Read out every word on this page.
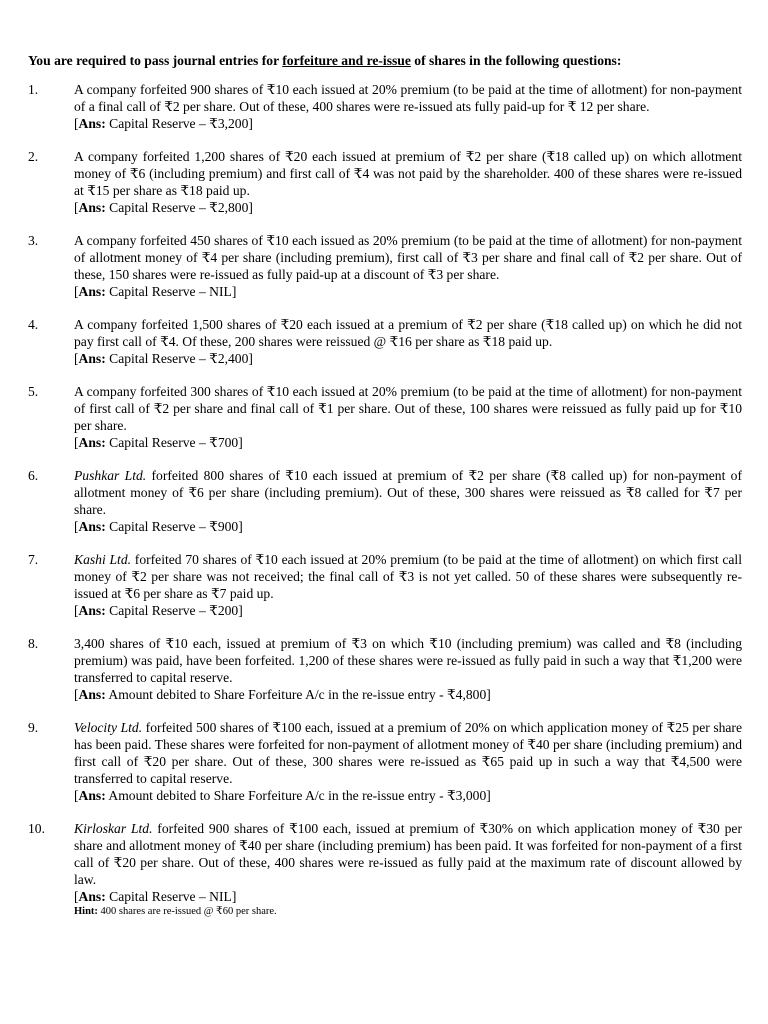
You are required to pass journal entries for forfeiture and re-issue of shares in the following questions:

1.	A company forfeited 900 shares of ₹10 each issued at 20% premium (to be paid at the time of allotment) for non-payment of a final call of ₹2 per share. Out of these, 400 shares were re-issued ats fully paid-up for ₹ 12 per share.

[Ans: Capital Reserve – ₹3,200]

2.	A company forfeited 1,200 shares of ₹20 each issued at premium of ₹2 per share (₹18 called up) on which allotment money of ₹6 (including premium) and first call of ₹4 was not paid by the shareholder. 400 of these shares were re-issued at ₹15 per share as ₹18 paid up.

[Ans: Capital Reserve – ₹2,800]

3.	A company forfeited 450 shares of ₹10 each issued as 20% premium (to be paid at the time of allotment) for non-payment of allotment money of ₹4 per share (including premium), first call of ₹3 per share and final call of ₹2 per share. Out of these, 150 shares were re-issued as fully paid-up at a discount of ₹3 per share.

[Ans: Capital Reserve – NIL]

4.	A company forfeited 1,500 shares of ₹20 each issued at a premium of ₹2 per share (₹18 called up) on which he did not pay first call of ₹4. Of these, 200 shares were reissued @ ₹16 per share as ₹18 paid up.

[Ans: Capital Reserve – ₹2,400]

5.	A company forfeited 300 shares of ₹10 each issued at 20% premium (to be paid at the time of allotment) for non-payment of first call of ₹2 per share and final call of ₹1 per share. Out of these, 100 shares were reissued as fully paid up for ₹10 per share.

[Ans: Capital Reserve – ₹700]

6.	Pushkar Ltd. forfeited 800 shares of ₹10 each issued at premium of ₹2 per share (₹8 called up) for non-payment of allotment money of ₹6 per share (including premium). Out of these, 300 shares were reissued as ₹8 called for ₹7 per share.

[Ans: Capital Reserve – ₹900]

7.	Kashi Ltd. forfeited 70 shares of ₹10 each issued at 20% premium (to be paid at the time of allotment) on which first call money of ₹2 per share was not received; the final call of ₹3 is not yet called. 50 of these shares were subsequently re-issued at ₹6 per share as ₹7 paid up.

[Ans: Capital Reserve – ₹200]

8.	3,400 shares of ₹10 each, issued at premium of ₹3 on which ₹10 (including premium) was called and ₹8 (including premium) was paid, have been forfeited. 1,200 of these shares were re-issued as fully paid in such a way that ₹1,200 were transferred to capital reserve.

[Ans: Amount debited to Share Forfeiture A/c in the re-issue entry - ₹4,800]

9.	Velocity Ltd. forfeited 500 shares of ₹100 each, issued at a premium of 20% on which application money of ₹25 per share has been paid. These shares were forfeited for non-payment of allotment money of ₹40 per share (including premium) and first call of ₹20 per share. Out of these, 300 shares were re-issued as ₹65 paid up in such a way that ₹4,500 were transferred to capital reserve.

[Ans: Amount debited to Share Forfeiture A/c in the re-issue entry - ₹3,000]

10.	Kirloskar Ltd. forfeited 900 shares of ₹100 each, issued at premium of ₹30% on which application money of ₹30 per share and allotment money of ₹40 per share (including premium) has been paid. It was forfeited for non-payment of a first call of ₹20 per share. Out of these, 400 shares were re-issued as fully paid at the maximum rate of discount allowed by law.

[Ans: Capital Reserve – NIL]

Hint: 400 shares are re-issued @ ₹60 per share.
